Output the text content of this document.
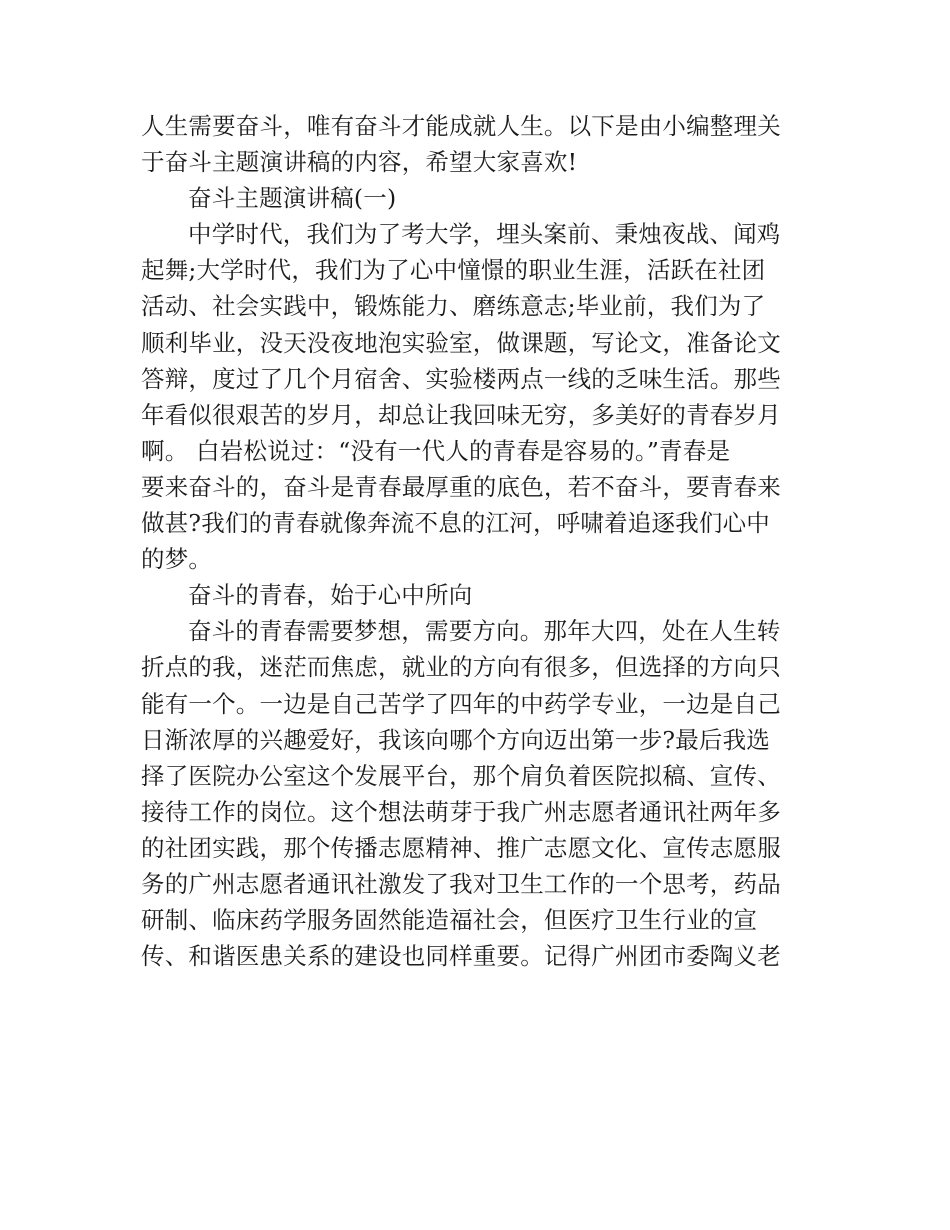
人生需要奋斗，唯有奋斗才能成就人生。以下是由小编整理关
于奋斗主题演讲稿的内容，希望大家喜欢!
奋斗主题演讲稿(一)
中学时代，我们为了考大学，埋头案前、秉烛夜战、闻鸡
起舞;大学时代，我们为了心中憧憬的职业生涯，活跃在社团
活动、社会实践中，锻炼能力、磨练意志;毕业前，我们为了
顺利毕业，没天没夜地泡实验室，做课题，写论文，准备论文
答辩，度过了几个月宿舍、实验楼两点一线的乏味生活。那些
年看似很艰苦的岁月，却总让我回味无穷，多美好的青春岁月
啊。 白岩松说过：“没有一代人的青春是容易的。”青春是
要来奋斗的，奋斗是青春最厚重的底色，若不奋斗，要青春来
做甚?我们的青春就像奔流不息的江河，呼啸着追逐我们心中
的梦。
奋斗的青春，始于心中所向
奋斗的青春需要梦想，需要方向。那年大四，处在人生转
折点的我，迷茫而焦虑，就业的方向有很多，但选择的方向只
能有一个。一边是自己苦学了四年的中药学专业，一边是自己
日渐浓厚的兴趣爱好，我该向哪个方向迈出第一步?最后我选
择了医院办公室这个发展平台，那个肩负着医院拟稿、宣传、
接待工作的岗位。这个想法萌芽于我广州志愿者通讯社两年多
的社团实践，那个传播志愿精神、推广志愿文化、宣传志愿服
务的广州志愿者通讯社激发了我对卫生工作的一个思考，药品
研制、临床药学服务固然能造福社会，但医疗卫生行业的宣
传、和谐医患关系的建设也同样重要。记得广州团市委陶义老
